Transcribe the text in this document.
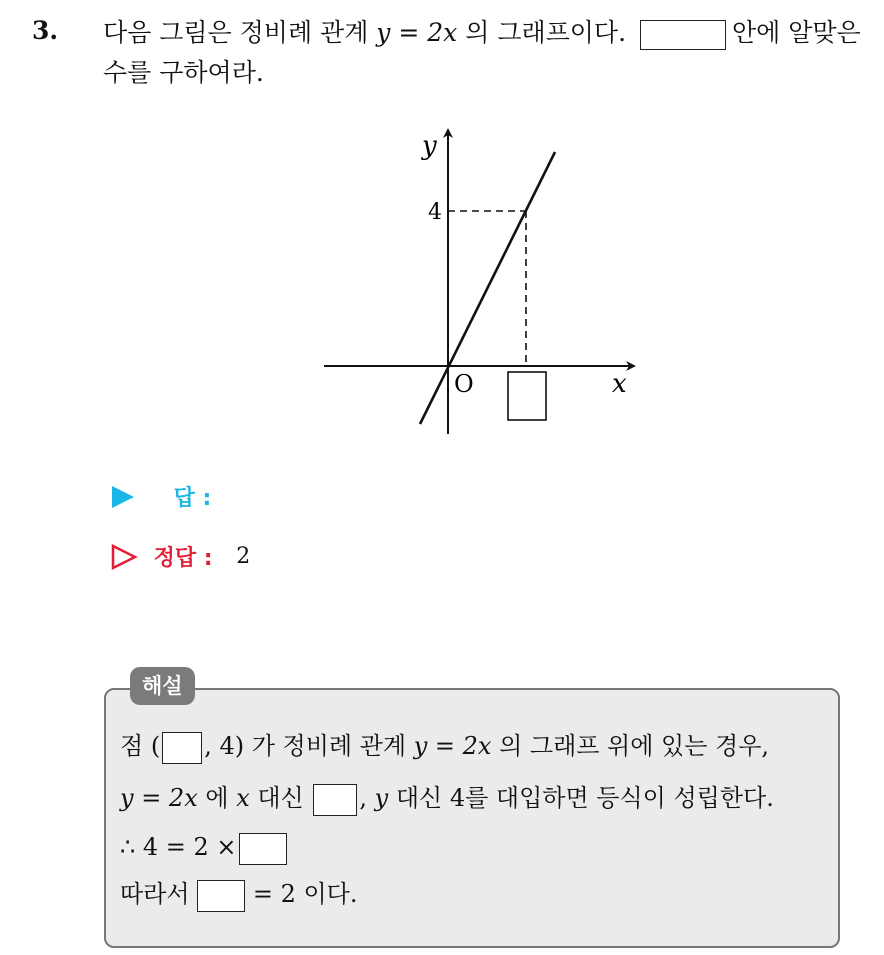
3. 다음 그림은 정비례 관계 y = 2x 의 그래프이다.	안에 알맞은
수를 구하여라.
y
x
O
4
답 :
정답 : 2
해설
점 ( , 4) 가 정비례 관계 y = 2x 의 그래프 위에 있는 경우,
y = 2x 에 x 대신 , y 대신 4를 대입하면 등식이 성립한다.
∴ 4 = 2 ×
따라서  = 2 이다.
